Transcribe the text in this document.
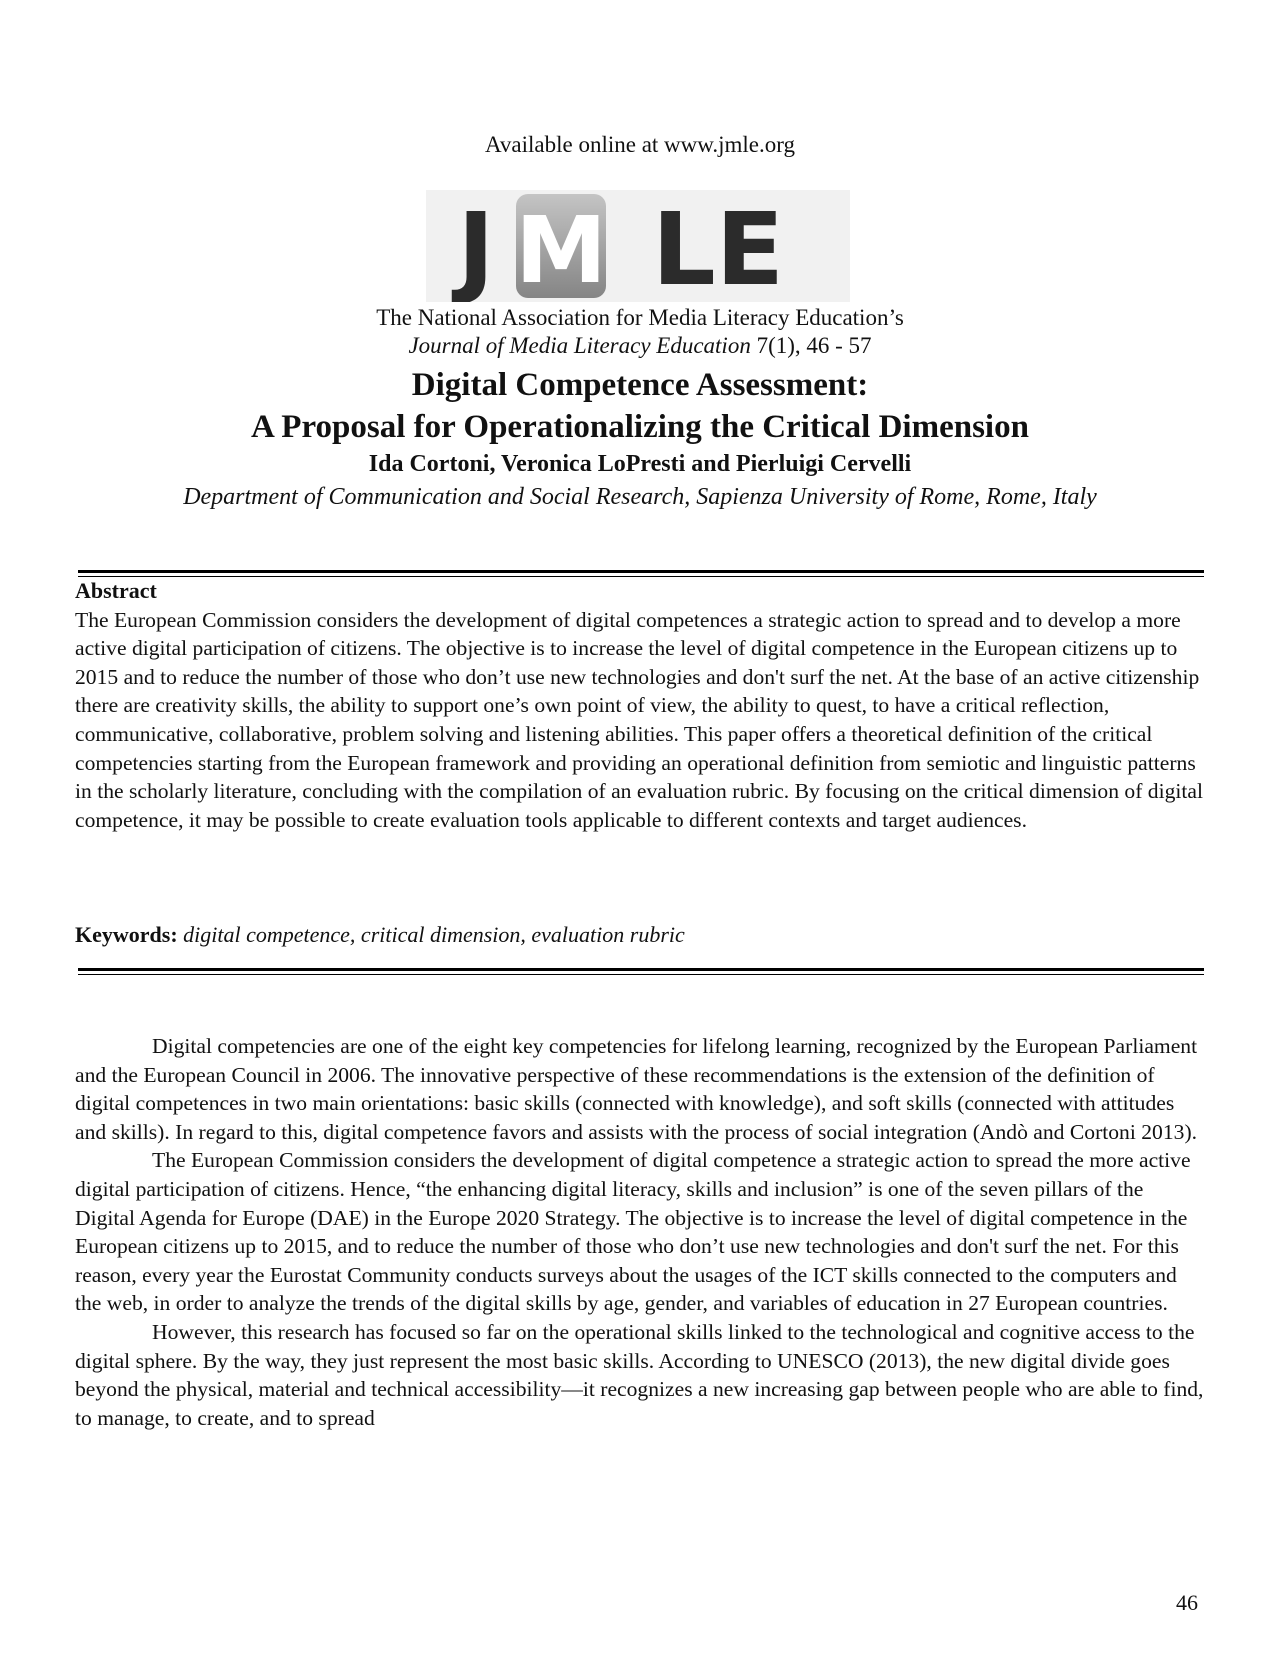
Available online at www.jmle.org
J M LE
The National Association for Media Literacy Education’s
Journal of Media Literacy Education 7(1), 46 - 57
Digital Competence Assessment:
A Proposal for Operationalizing the Critical Dimension
Ida Cortoni, Veronica LoPresti and Pierluigi Cervelli
Department of Communication and Social Research, Sapienza University of Rome, Rome, Italy
Abstract

The European Commission considers the development of digital competences a strategic action to spread and to develop a more active digital participation of citizens. The objective is to increase the level of digital competence in the European citizens up to 2015 and to reduce the number of those who don’t use new technologies and don't surf the net. At the base of an active citizenship there are creativity skills, the ability to support one’s own point of view, the ability to quest, to have a critical reflection, communicative, collaborative, problem solving and listening abilities. This paper offers a theoretical definition of the critical competencies starting from the European framework and providing an operational definition from semiotic and linguistic patterns in the scholarly literature, concluding with the compilation of an evaluation rubric. By focusing on the critical dimension of digital competence, it may be possible to create evaluation tools applicable to different contexts and target audiences.

Keywords: digital competence, critical dimension, evaluation rubric

Digital competencies are one of the eight key competencies for lifelong learning, recognized by the European Parliament and the European Council in 2006. The innovative perspective of these recommendations is the extension of the definition of digital competences in two main orientations: basic skills (connected with knowledge), and soft skills (connected with attitudes and skills). In regard to this, digital competence favors and assists with the process of social integration (Andò and Cortoni 2013).

The European Commission considers the development of digital competence a strategic action to spread the more active digital participation of citizens. Hence, “the enhancing digital literacy, skills and inclusion” is one of the seven pillars of the Digital Agenda for Europe (DAE) in the Europe 2020 Strategy. The objective is to increase the level of digital competence in the European citizens up to 2015, and to reduce the number of those who don’t use new technologies and don't surf the net. For this reason, every year the Eurostat Community conducts surveys about the usages of the ICT skills connected to the computers and the web, in order to analyze the trends of the digital skills by age, gender, and variables of education in 27 European countries.

However, this research has focused so far on the operational skills linked to the technological and cognitive access to the digital sphere. By the way, they just represent the most basic skills. According to UNESCO (2013), the new digital divide goes beyond the physical, material and technical accessibility—it recognizes a new increasing gap between people who are able to find, to manage, to create, and to spread

46
